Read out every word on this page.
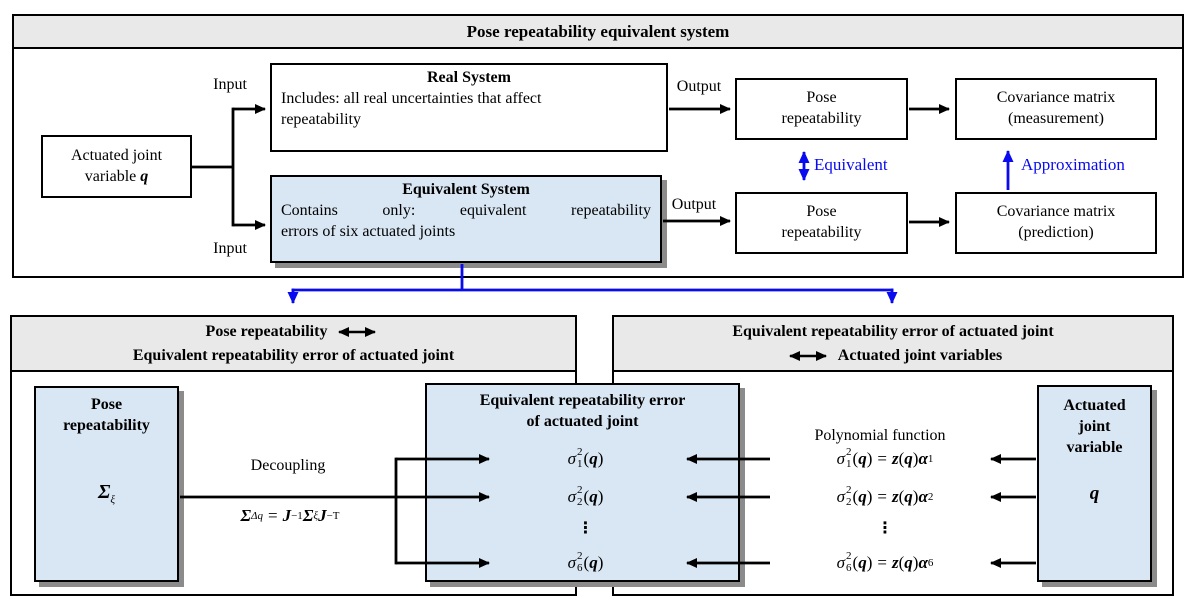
Pose repeatability equivalent system
Actuated joint
variable q
Real System
Includes: all real uncertainties that affect
repeatability
Equivalent System
Contains only: equivalent repeatability
errors of six actuated joints
Pose
repeatability
Pose
repeatability
Covariance matrix
(measurement)
Covariance matrix
(prediction)
Input
Input
Output
Output
Equivalent	Approximation
Pose repeatability
Equivalent repeatability error of actuated joint
Equivalent repeatability error of actuated joint
Actuated joint variables
Pose
repeatability
$\Sigma_\xi$
Equivalent repeatability error
of actuated joint
Actuated
joint
variable
q
Decoupling
Σ Δq = J −1 Σ ξ J −T
Polynomial function
σ 2
1 ( q )
σ 2
2 ( q )
⋮
σ 2
6 ( q )
σ 2
1 ( q ) = z ( q ) α 1
σ 2
2 ( q ) = z ( q ) α 2
⋮
σ 2
6 ( q ) = z ( q ) α 6
